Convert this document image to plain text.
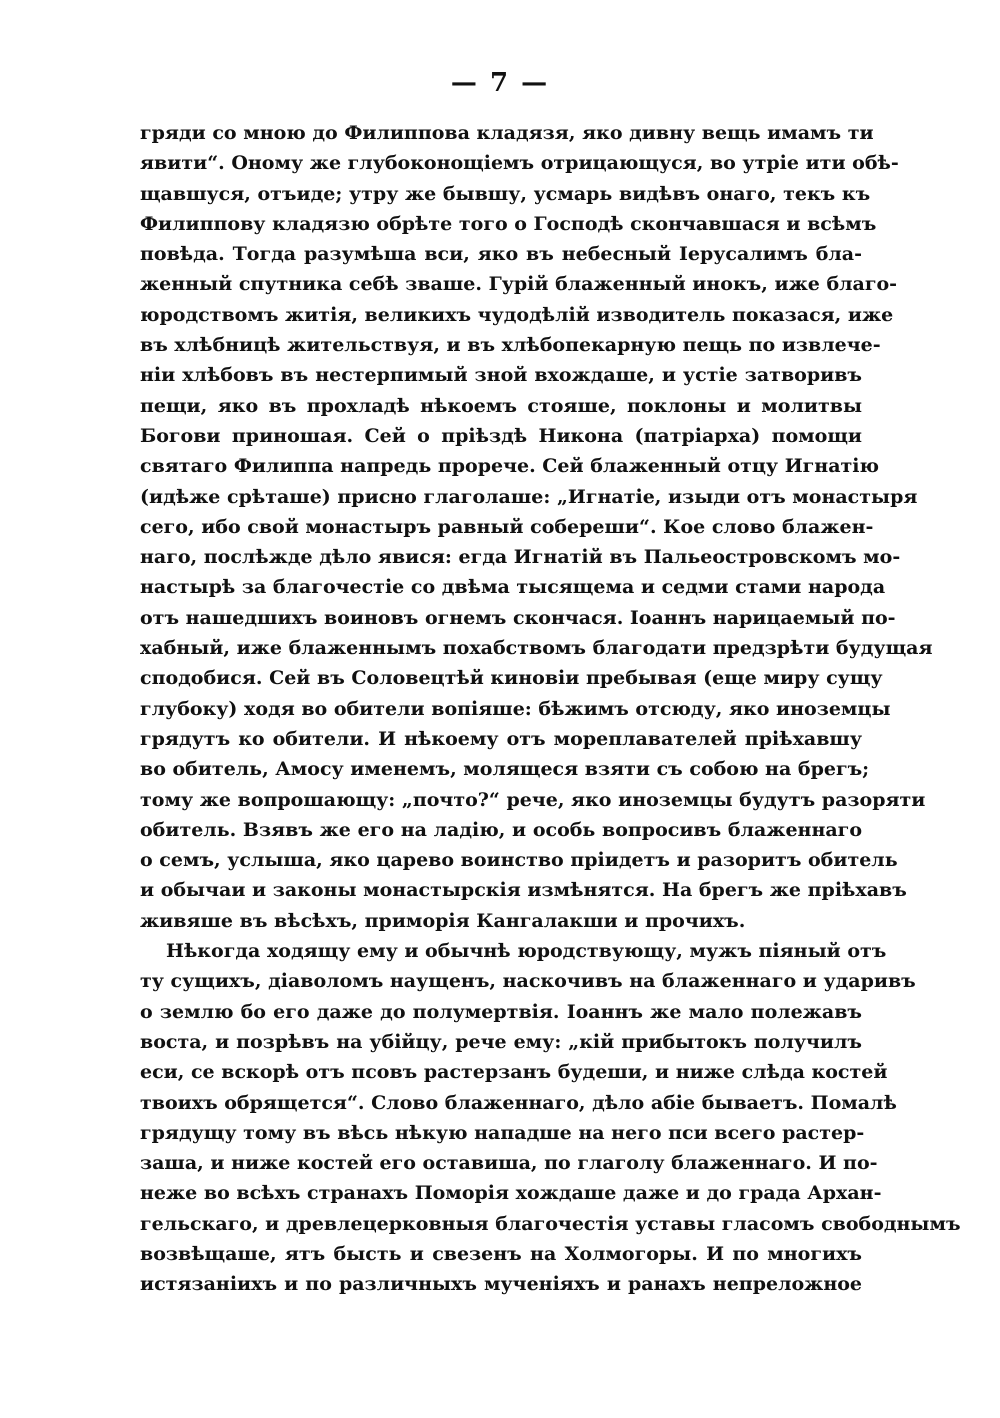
— 7 —
гряди со мною до Филиппова кладязя, яко дивну вещь имамъ ти
явити“. Оному же глубоконощіемъ отрицающуся, во утріе ити обѣ-
щавшуся, отъиде; утру же бывшу, усмарь видѣвъ онаго, текъ къ
Филиппову кладязю обрѣте того о Господѣ скончавшася и всѣмъ
повѣда. Тогда разумѣша вси, яко въ небесный Іерусалимъ бла-
женный спутника себѣ зваше. Гурій блаженный инокъ, иже благо-
юродствомъ житія, великихъ чудодѣлій изводитель показася, иже
въ хлѣбницѣ жительствуя, и въ хлѣбопекарную пещь по извлече-
ніи хлѣбовъ въ нестерпимый зной вхождаше, и устіе затворивъ
пещи, яко въ прохладѣ нѣкоемъ стояше, поклоны и молитвы
Богови приношая. Сей о пріѣздѣ Никона (патріарха) помощи
святаго Филиппа напредь прорече. Сей блаженный отцу Игнатію
(идѣже срѣташе) присно глаголаше: „Игнатіе, изыди отъ монастыря
сего, ибо свой монастыръ равный собереши“. Кое слово блажен-
наго, послѣжде дѣло явися: егда Игнатій въ Пальеостровскомъ мо-
настырѣ за благочестіе со двѣма тысящема и седми стами народа
отъ нашедшихъ воиновъ огнемъ скончася. Іоаннъ нарицаемый по-
хабный, иже блаженнымъ похабствомъ благодати предзрѣти будущая
сподобися. Сей въ Соловецтѣй киновіи пребывая (еще миру сущу
глубоку) ходя во обители вопіяше: бѣжимъ отсюду, яко иноземцы
грядутъ ко обители. И нѣкоему отъ мореплавателей пріѣхавшу
во обитель, Амосу именемъ, молящеся взяти съ собою на брегъ;
тому же вопрошающу: „почто?“ рече, яко иноземцы будутъ разоряти
обитель. Взявъ же его на ладію, и особь вопросивъ блаженнаго
о семъ, услыша, яко царево воинство пріидетъ и разоритъ обитель
и обычаи и законы монастырскія измѣнятся. На брегъ же пріѣхавъ
живяше въ вѣсѣхъ, приморія Кангалакши и прочихъ.
Нѣкогда ходящу ему и обычнѣ юродствующу, мужъ піяный отъ
ту сущихъ, діаволомъ наущенъ, наскочивъ на блаженнаго и ударивъ
о землю бо его даже до полумертвія. Іоаннъ же мало полежавъ
воста, и позрѣвъ на убійцу, рече ему: „кій прибытокъ получилъ
еси, се вскорѣ отъ псовъ растерзанъ будеши, и ниже слѣда костей
твоихъ обрящется“. Слово блаженнаго, дѣло абіе бываетъ. Помалѣ
грядущу тому въ вѣсь нѣкую нападше на него пси всего растер-
заша, и ниже костей его оставиша, по глаголу блаженнаго. И по-
неже во всѣхъ странахъ Поморія хождаше даже и до града Архан-
гельскаго, и древлецерковныя благочестія уставы гласомъ свободнымъ
возвѣщаше, ятъ бысть и свезенъ на Холмогоры. И по многихъ
истязаніихъ и по различныхъ мученіяхъ и ранахъ непреложное
